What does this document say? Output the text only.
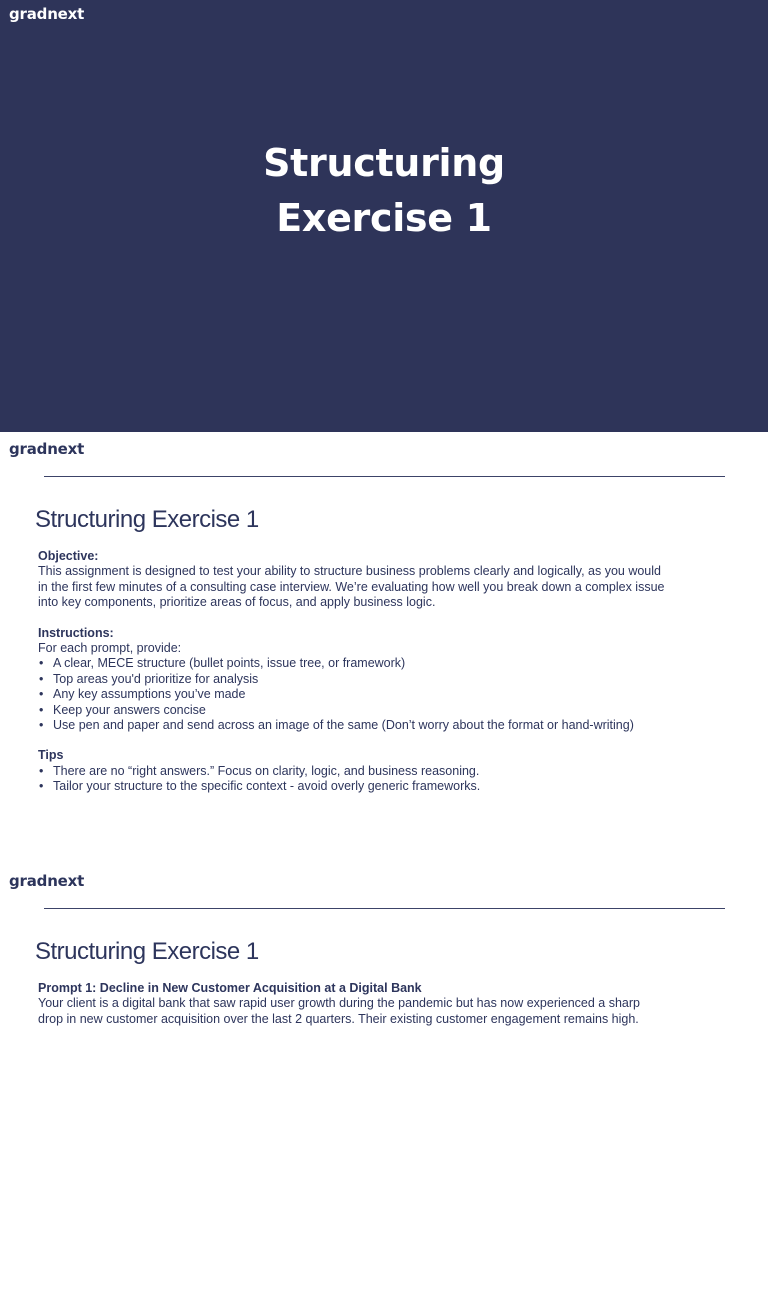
gradnext
Structuring
Exercise 1
gradnext
Structuring Exercise 1
Objective:
This assignment is designed to test your ability to structure business problems clearly and logically, as you would
in the first few minutes of a consulting case interview. We’re evaluating how well you break down a complex issue
into key components, prioritize areas of focus, and apply business logic.
Instructions:
For each prompt, provide:
• A clear, MECE structure (bullet points, issue tree, or framework)
• Top areas you'd prioritize for analysis
• Any key assumptions you’ve made
• Keep your answers concise
• Use pen and paper and send across an image of the same (Don’t worry about the format or hand-writing)
Tips
• There are no “right answers.” Focus on clarity, logic, and business reasoning.
• Tailor your structure to the specific context - avoid overly generic frameworks.
gradnext
Structuring Exercise 1
Prompt 1: Decline in New Customer Acquisition at a Digital Bank
Your client is a digital bank that saw rapid user growth during the pandemic but has now experienced a sharp
drop in new customer acquisition over the last 2 quarters. Their existing customer engagement remains high.
